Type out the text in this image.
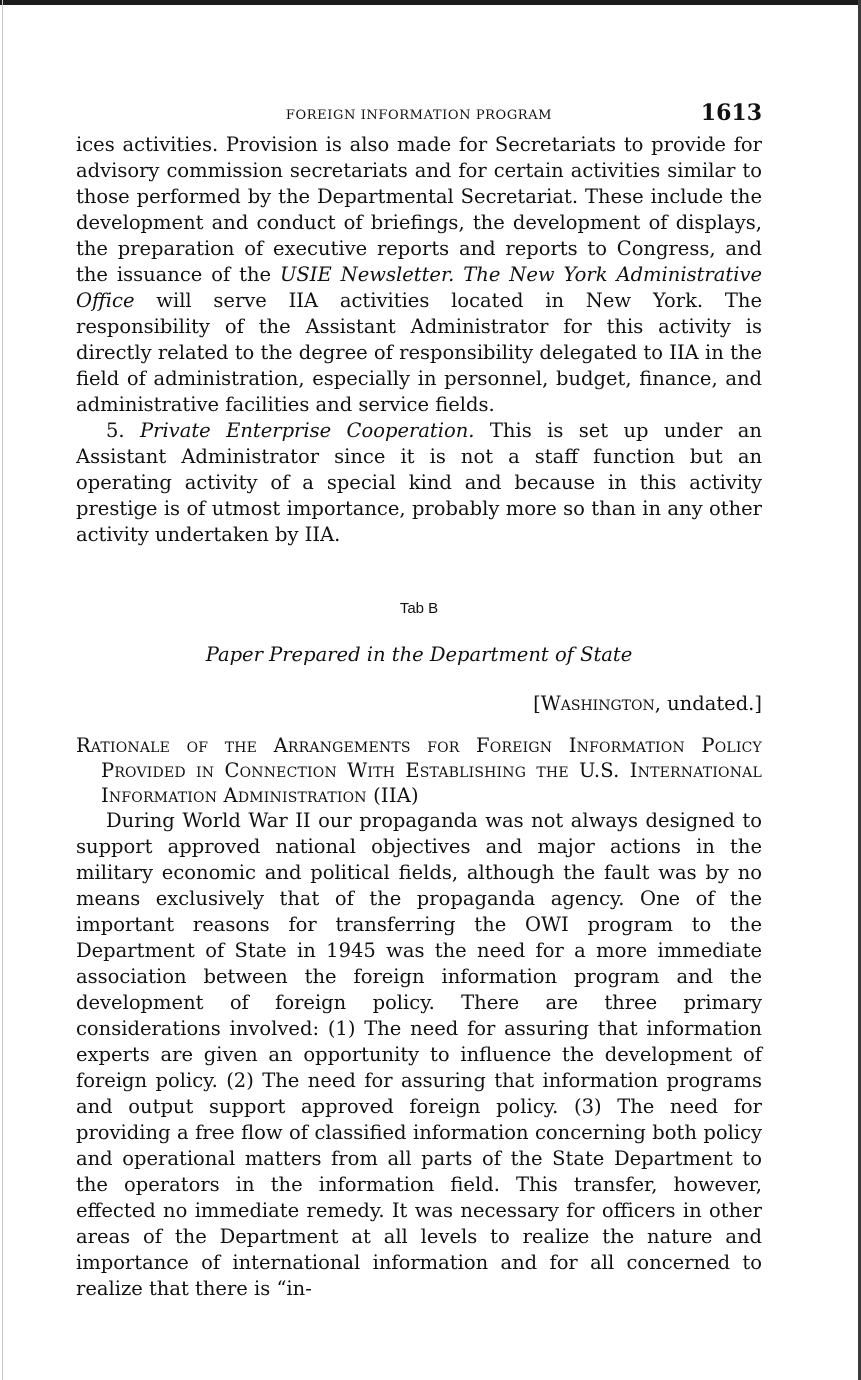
FOREIGN INFORMATION PROGRAM	1613

ices activities. Provision is also made for Secretariats to provide for advisory commission secretariats and for certain activities similar to those performed by the Departmental Secretariat. These include the development and conduct of briefings, the development of displays, the preparation of executive reports and reports to Congress, and the issuance of the USIE Newsletter. The New York Administrative Office will serve IIA activities located in New York. The responsibility of the Assistant Administrator for this activity is directly related to the degree of responsibility delegated to IIA in the field of administration, especially in personnel, budget, finance, and administrative facilities and service fields.

5. Private Enterprise Cooperation. This is set up under an Assistant Administrator since it is not a staff function but an operating activity of a special kind and because in this activity prestige is of utmost importance, probably more so than in any other activity undertaken by IIA.

Tab B
Paper Prepared in the Department of State
[Washington, undated.]
Rationale of the Arrangements for Foreign Information Policy Provided in Connection With Establishing the U.S. International Information Administration (IIA)

During World War II our propaganda was not always designed to support approved national objectives and major actions in the military economic and political fields, although the fault was by no means exclusively that of the propaganda agency. One of the important reasons for transferring the OWI program to the Department of State in 1945 was the need for a more immediate association between the foreign information program and the development of foreign policy. There are three primary considerations involved: (1) The need for assuring that information experts are given an opportunity to influence the development of foreign policy. (2) The need for assuring that information programs and output support approved foreign policy. (3) The need for providing a free flow of classified information concerning both policy and operational matters from all parts of the State Department to the operators in the information field. This transfer, however, effected no immediate remedy. It was necessary for officers in other areas of the Department at all levels to realize the nature and importance of international information and for all concerned to realize that there is “in-
